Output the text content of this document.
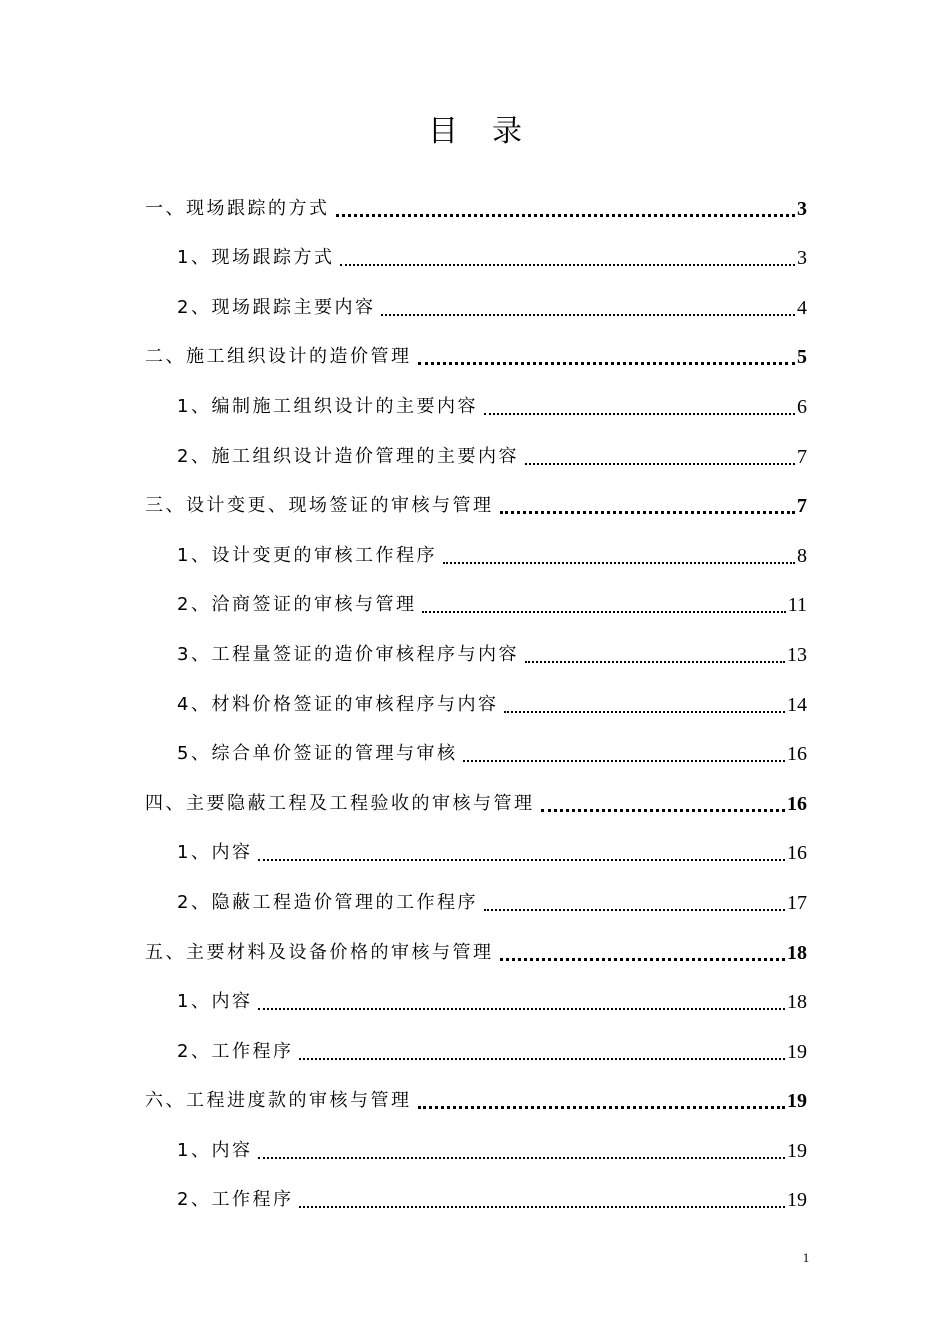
目 录
一、现场跟踪的方式	3
1、现场跟踪方式	3
2、现场跟踪主要内容	4
二、施工组织设计的造价管理	5
1、编制施工组织设计的主要内容	6
2、施工组织设计造价管理的主要内容	7
三、设计变更、现场签证的审核与管理	7
1、设计变更的审核工作程序	8
2、洽商签证的审核与管理	11
3、工程量签证的造价审核程序与内容	13
4、材料价格签证的审核程序与内容	14
5、综合单价签证的管理与审核	16
四、主要隐蔽工程及工程验收的审核与管理	16
1、内容	16
2、隐蔽工程造价管理的工作程序	17
五、主要材料及设备价格的审核与管理	18
1、内容	18
2、工作程序	19
六、工程进度款的审核与管理	19
1、内容	19
2、工作程序	19
1
